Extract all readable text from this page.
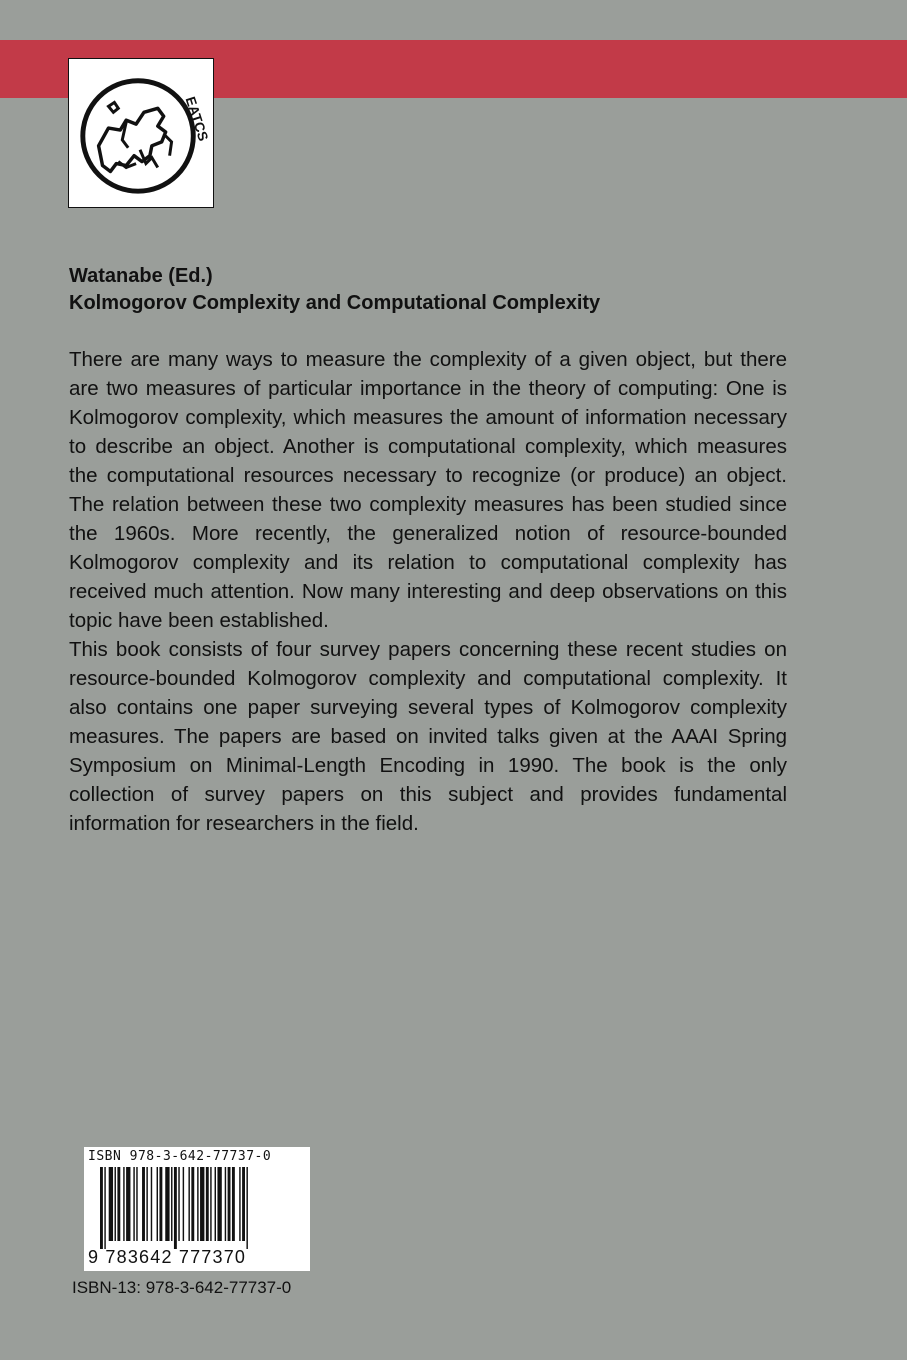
EATCS

Watanabe (Ed.)

Kolmogorov Complexity and Computational Complexity

There are many ways to measure the complexity of a given object, but there are two measures of particular importance in the theory of computing: One is Kolmogorov complexity, which measures the amount of information necessary to describe an object. Another is computational complexity, which measures the computational resources necessary to recognize (or produce) an object. The relation between these two complexity measures has been studied since the 1960s. More recently, the generalized notion of resource-bounded Kolmogorov complexity and its relation to computational complexity has received much attention. Now many interesting and deep observations on this topic have been established.

This book consists of four survey papers concerning these recent studies on resource-bounded Kolmogorov complexity and computational complexity. It also contains one paper surveying several types of Kolmogorov complexity measures. The papers are based on invited talks given at the AAAI Spring Symposium on Minimal-Length Encoding in 1990. The book is the only collection of survey papers on this subject and provides fundamental information for researchers in the field.

ISBN 978-3-642-77737-0
9 783642 777370
ISBN-13: 978-3-642-77737-0
